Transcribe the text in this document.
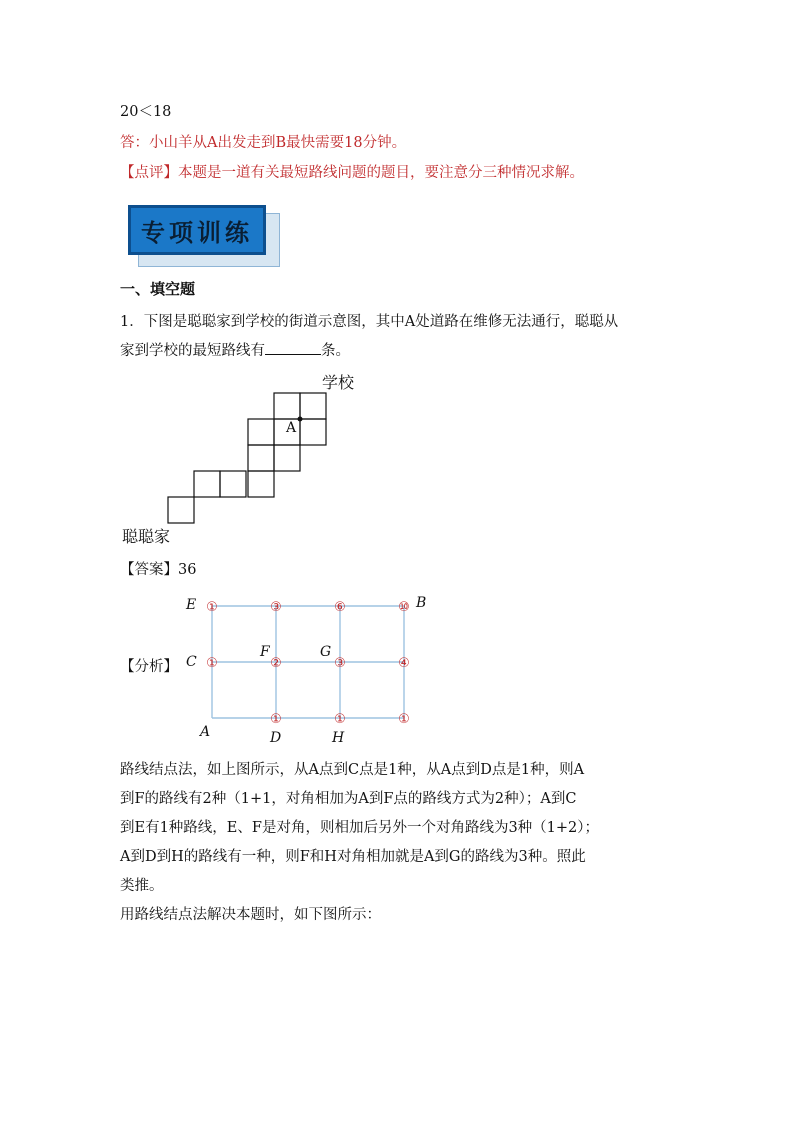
20＜18
答：小山羊从A出发走到B最快需要18分钟。
【点评】本题是一道有关最短路线问题的题目，要注意分三种情况求解。
专项训练
一、填空题
1．下图是聪聪家到学校的街道示意图，其中A处道路在维修无法通行，聪聪从
家到学校的最短路线有	条。
A
学校
聪聪家
【答案】36
【分析】
①	③	⑥	⑩
①	②	③	④
①	①	①
E	B
C
F	G
A	D	H
路线结点法，如上图所示，从A点到C点是1种，从A点到D点是1种，则A
到F的路线有2种（1+1，对角相加为A到F点的路线方式为2种）；A到C
到E有1种路线，E、F是对角，则相加后另外一个对角路线为3种（1+2）；
A到D到H的路线有一种，则F和H对角相加就是A到G的路线为3种。照此
类推。
用路线结点法解决本题时，如下图所示：
